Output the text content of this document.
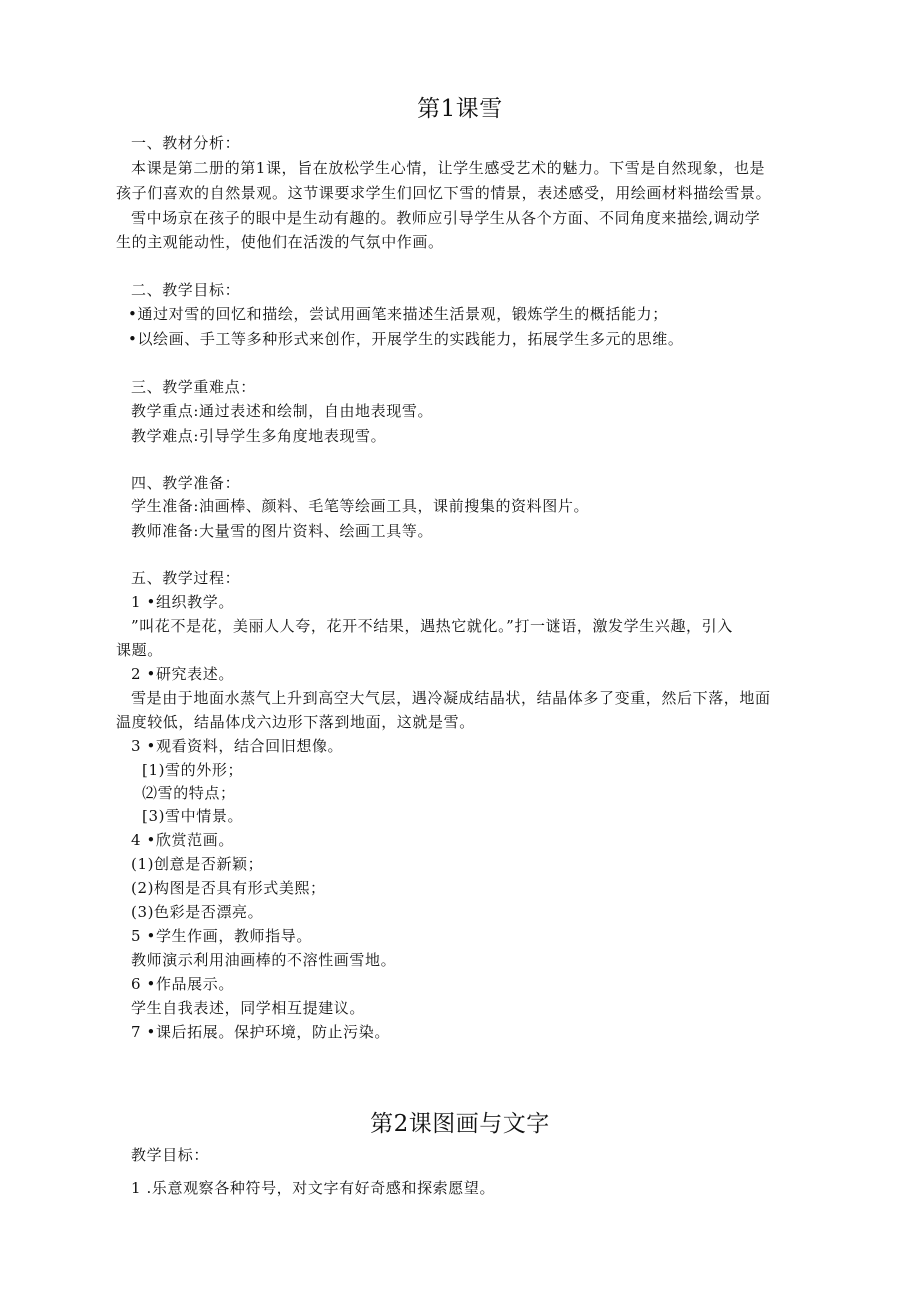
第1课雪
一、教材分析：
本课是第二册的第1课，旨在放松学生心情，让学生感受艺术的魅力。下雪是自然现象，也是
孩子们喜欢的自然景观。这节课要求学生们回忆下雪的情景，表述感受，用绘画材料描绘雪景。
雪中场京在孩子的眼中是生动有趣的。教师应引导学生从各个方面、不同角度来描绘,调动学
生的主观能动性，使他们在活泼的气氛中作画。
二、教学目标：
•通过对雪的回忆和描绘，尝试用画笔来描述生活景观，锻炼学生的概括能力；
•以绘画、手工等多种形式来创作，开展学生的实践能力，拓展学生多元的思维。
三、教学重难点：
教学重点:通过表述和绘制，自由地表现雪。
教学难点:引导学生多角度地表现雪。
四、教学准备：
学生准备:油画棒、颜料、毛笔等绘画工具，课前搜集的资料图片。
教师准备:大量雪的图片资料、绘画工具等。
五、教学过程：
1 •组织教学。
”叫花不是花，美丽人人夸，花开不结果，遇热它就化。”打一谜语，激发学生兴趣，引入
课题。
2 •研究表述。
雪是由于地面水蒸气上升到高空大气层，遇冷凝成结晶状，结晶体多了变重，然后下落，地面
温度较低，结晶体戊六边形下落到地面，这就是雪。
3 •观看资料，结合回旧想像。
[1)雪的外形；
⑵雪的特点；
[3)雪中情景。
4 •欣赏范画。
(1)创意是否新颖；
(2)构图是否具有形式美熙；
(3)色彩是否漂亮。
5 •学生作画，教师指导。
教师演示利用油画棒的不溶性画雪地。
6 •作品展示。
学生自我表述，同学相互提建议。
7 •课后拓展。保护环境，防止污染。
第2课图画与文字
教学目标：
1 .乐意观察各种符号，对文字有好奇感和探索愿望。
